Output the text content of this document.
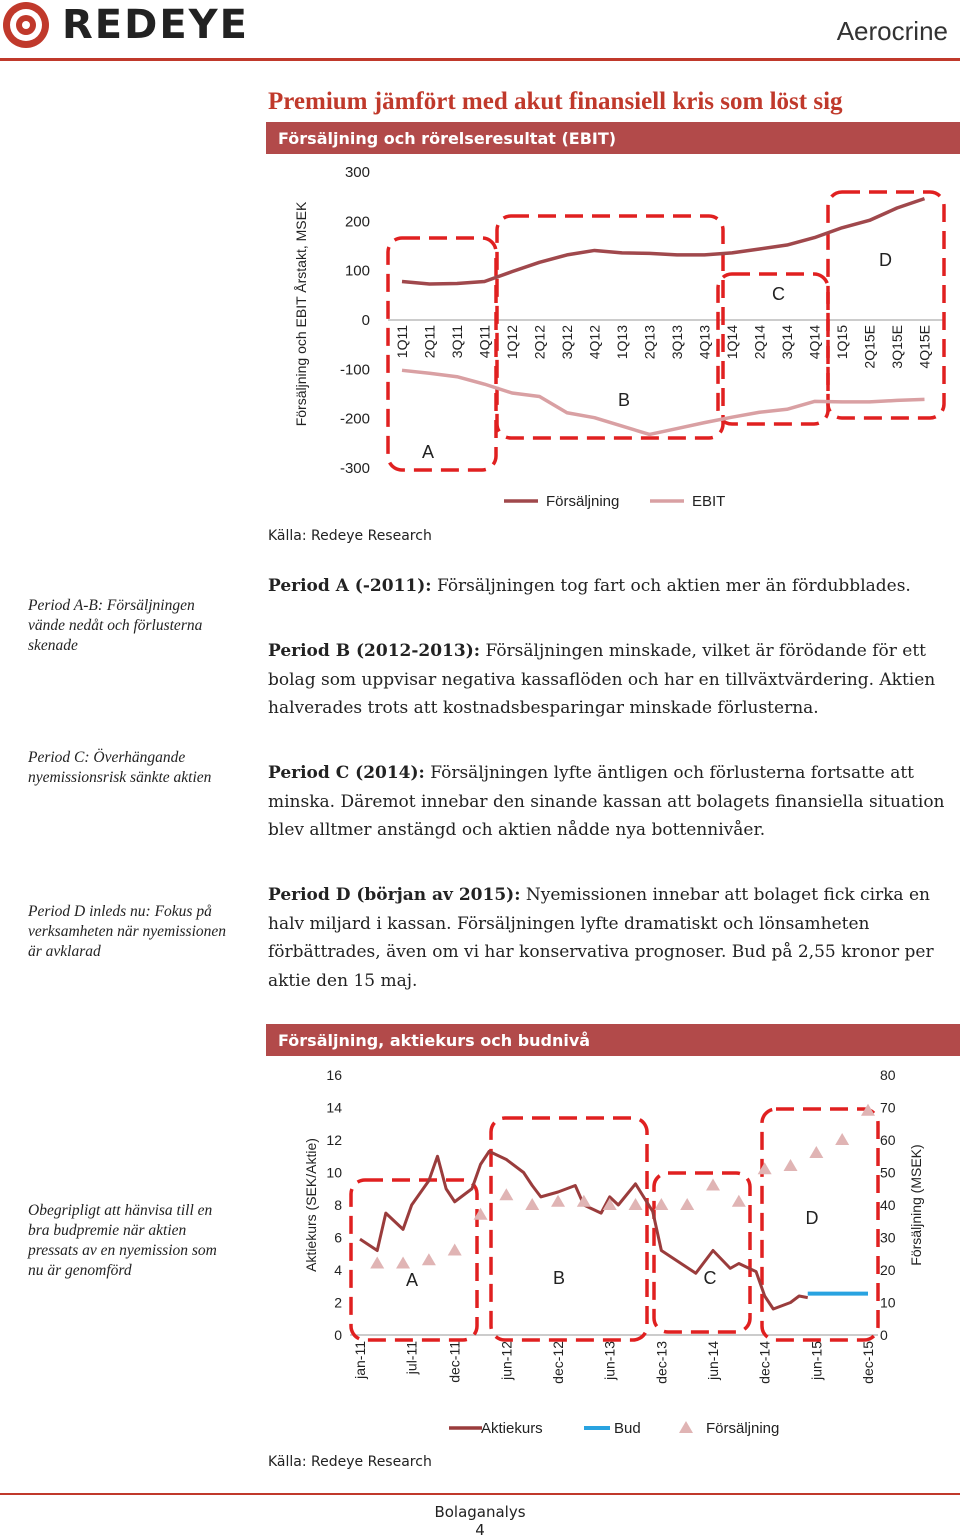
REDEYE	Aerocrine
Premium jämfört med akut finansiell kris som löst sig
Försäljning och rörelseresultat (EBIT)
Försäljning och EBIT Årstakt, MSEK
300
200
100
0
-100
-200
-300
1Q11 2Q11 3Q11 4Q11 1Q12 2Q12 3Q12 4Q12 1Q13 2Q13 3Q13 4Q13 1Q14 2Q14 3Q14 4Q14 1Q15 2Q15E 3Q15E 4Q15E
A
B
C
D
Försäljning	EBIT
Källa: Redeye Research
Period A-B: Försäljningen vände nedåt och förlusterna skenade
Period C: Överhängande nyemissionsrisk sänkte aktien
Period D inleds nu: Fokus på verksamheten när nyemissionen är avklarad
Obegripligt att hänvisa till en bra budpremie när aktien pressats av en nyemission som nu är genomförd
Period A (-2011): Försäljningen tog fart och aktien mer än fördubblades.
Period B (2012-2013): Försäljningen minskade, vilket är förödande för ett bolag som uppvisar negativa kassaflöden och har en tillväxtvärdering. Aktien halverades trots att kostnadsbesparingar minskade förlusterna.
Period C (2014): Försäljningen lyfte äntligen och förlusterna fortsatte att minska. Däremot innebar den sinande kassan att bolagets finansiella situation blev alltmer anstängd och aktien nådde nya bottennivåer.
Period D (början av 2015): Nyemissionen innebar att bolaget fick cirka en halv miljard i kassan. Försäljningen lyfte dramatiskt och lönsamheten förbättrades, även om vi har konservativa prognoser. Bud på 2,55 kronor per aktie den 15 maj.
Försäljning, aktiekurs och budnivå
Aktiekurs (SEK/Aktie)	Försäljning (MSEK)
16
14
12
10
8
6
4
2
0
80
70
60
50
40
30
20
10
0
jan-11	jul-11 dec-11	jun-12	dec-12	jun-13	dec-13	jun-14	dec-14	jun-15	dec-15
A	B	C
D
Aktiekurs	Bud	Försäljning
Källa: Redeye Research
Bolaganalys
4
